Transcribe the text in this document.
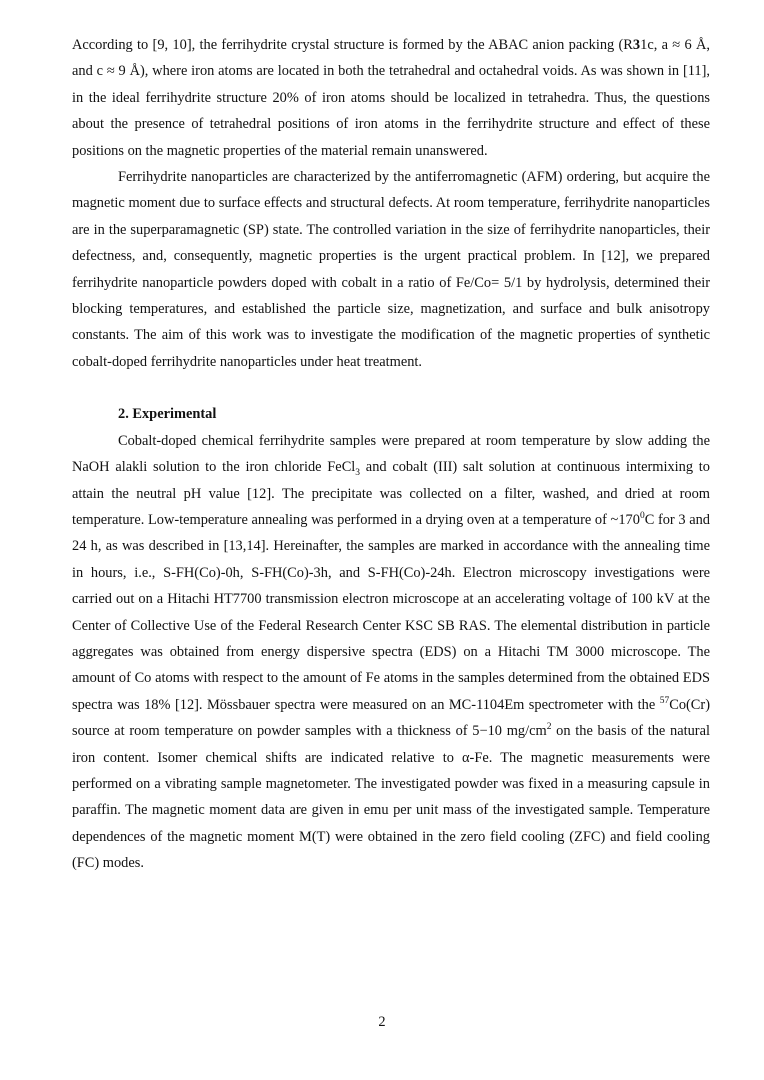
According to [9, 10], the ferrihydrite crystal structure is formed by the ABAC anion packing (R31c, a ≈ 6 Å, and c ≈ 9 Å), where iron atoms are located in both the tetrahedral and octahedral voids. As was shown in [11], in the ideal ferrihydrite structure 20% of iron atoms should be localized in tetrahedra. Thus, the questions about the presence of tetrahedral positions of iron atoms in the ferrihydrite structure and effect of these positions on the magnetic properties of the material remain unanswered.

Ferrihydrite nanoparticles are characterized by the antiferromagnetic (AFM) ordering, but acquire the magnetic moment due to surface effects and structural defects. At room temperature, ferrihydrite nanoparticles are in the superparamagnetic (SP) state. The controlled variation in the size of ferrihydrite nanoparticles, their defectness, and, consequently, magnetic properties is the urgent practical problem. In [12], we prepared ferrihydrite nanoparticle powders doped with cobalt in a ratio of Fe/Co= 5/1 by hydrolysis, determined their blocking temperatures, and established the particle size, magnetization, and surface and bulk anisotropy constants. The aim of this work was to investigate the modification of the magnetic properties of synthetic cobalt-doped ferrihydrite nanoparticles under heat treatment.

2. Experimental

Cobalt-doped chemical ferrihydrite samples were prepared at room temperature by slow adding the NaOH alakli solution to the iron chloride FeCl$_3$ and cobalt (III) salt solution at continuous intermixing to attain the neutral pH value [12]. The precipitate was collected on a filter, washed, and dried at room temperature. Low-temperature annealing was performed in a drying oven at a temperature of $\sim 170^0C$ for 3 and 24 h, as was described in [13,14]. Hereinafter, the samples are marked in accordance with the annealing time in hours, i.e., S-FH(Co)-0h, S-FH(Co)-3h, and S-FH(Co)-24h. Electron microscopy investigations were carried out on a Hitachi HT7700 transmission electron microscope at an accelerating voltage of 100 kV at the Center of Collective Use of the Federal Research Center KSC SB RAS. The elemental distribution in particle aggregates was obtained from energy dispersive spectra (EDS) on a Hitachi TM 3000 microscope. The amount of Co atoms with respect to the amount of Fe atoms in the samples determined from the obtained EDS spectra was 18% [12]. Mössbauer spectra were measured on an MC-1104Em spectrometer with the $^{57}$Co(Cr) source at room temperature on powder samples with a thickness of 5−10 $mg/cm^2$ on the basis of the natural iron content. Isomer chemical shifts are indicated relative to α-Fe. The magnetic measurements were performed on a vibrating sample magnetometer. The investigated powder was fixed in a measuring capsule in paraffin. The magnetic moment data are given in emu per unit mass of the investigated sample. Temperature dependences of the magnetic moment M(T) were obtained in the zero field cooling (ZFC) and field cooling (FC) modes.

2
